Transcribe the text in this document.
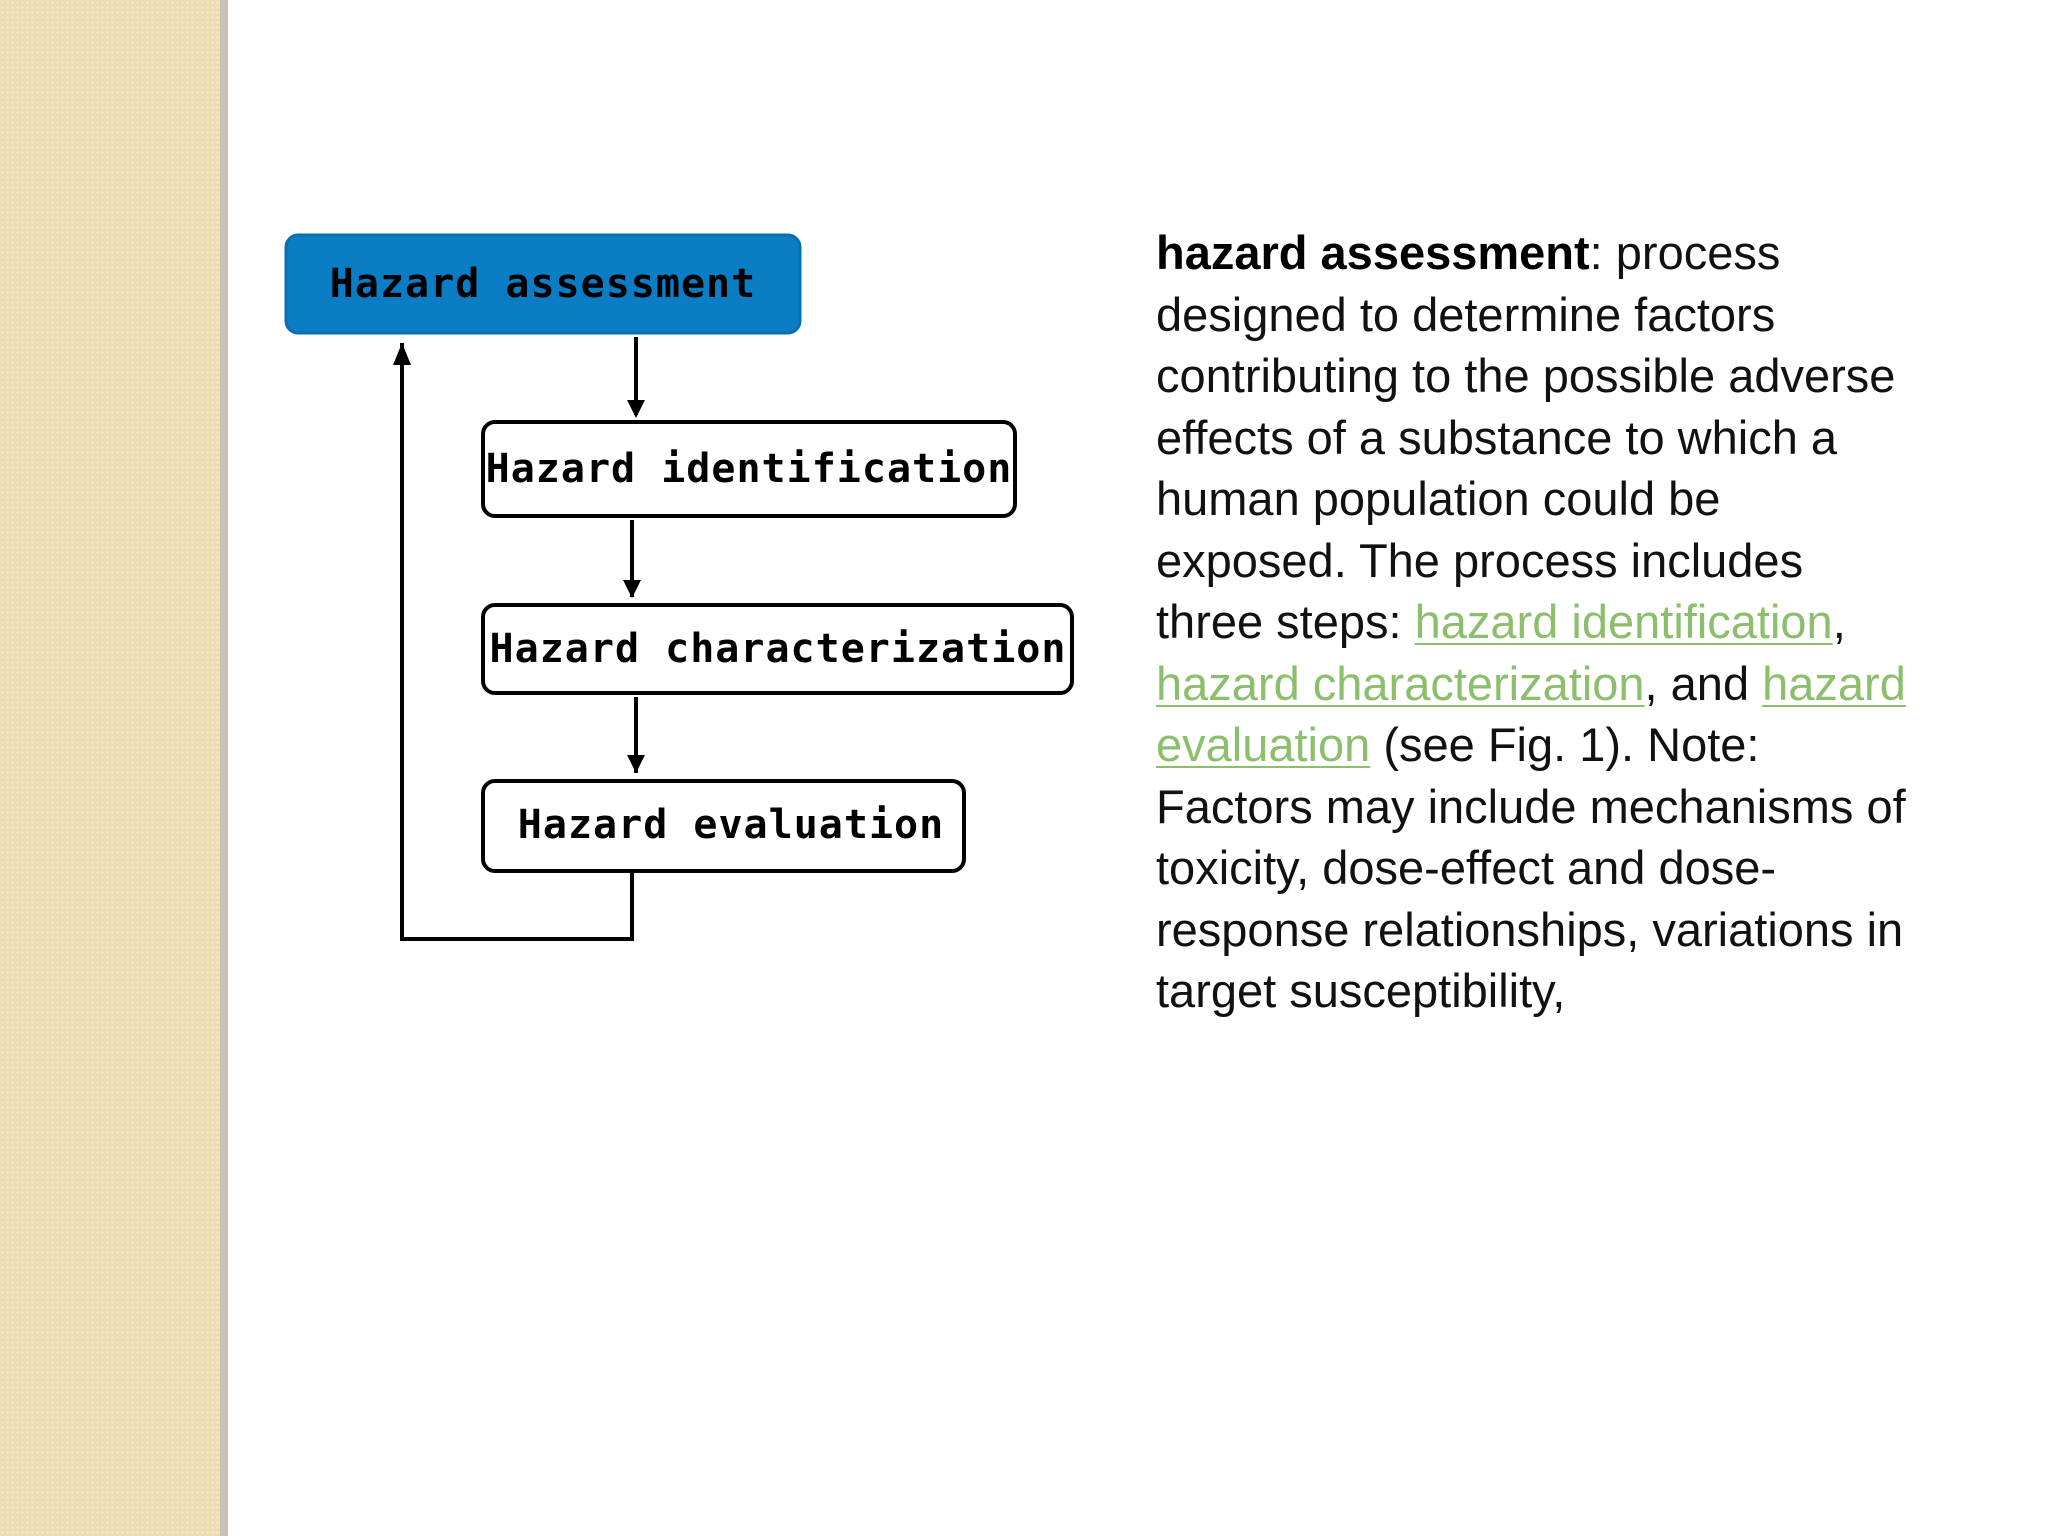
Hazard assessment
Hazard identification
Hazard characterization
Hazard evaluation

hazard assessment: process designed to determine factors contributing to the possible adverse effects of a substance to which a human population could be exposed. The process includes three steps: hazard identification, hazard characterization, and hazard evaluation (see Fig. 1). Note: Factors may include mechanisms of toxicity, dose-effect and dose-response relationships, variations in target susceptibility,
